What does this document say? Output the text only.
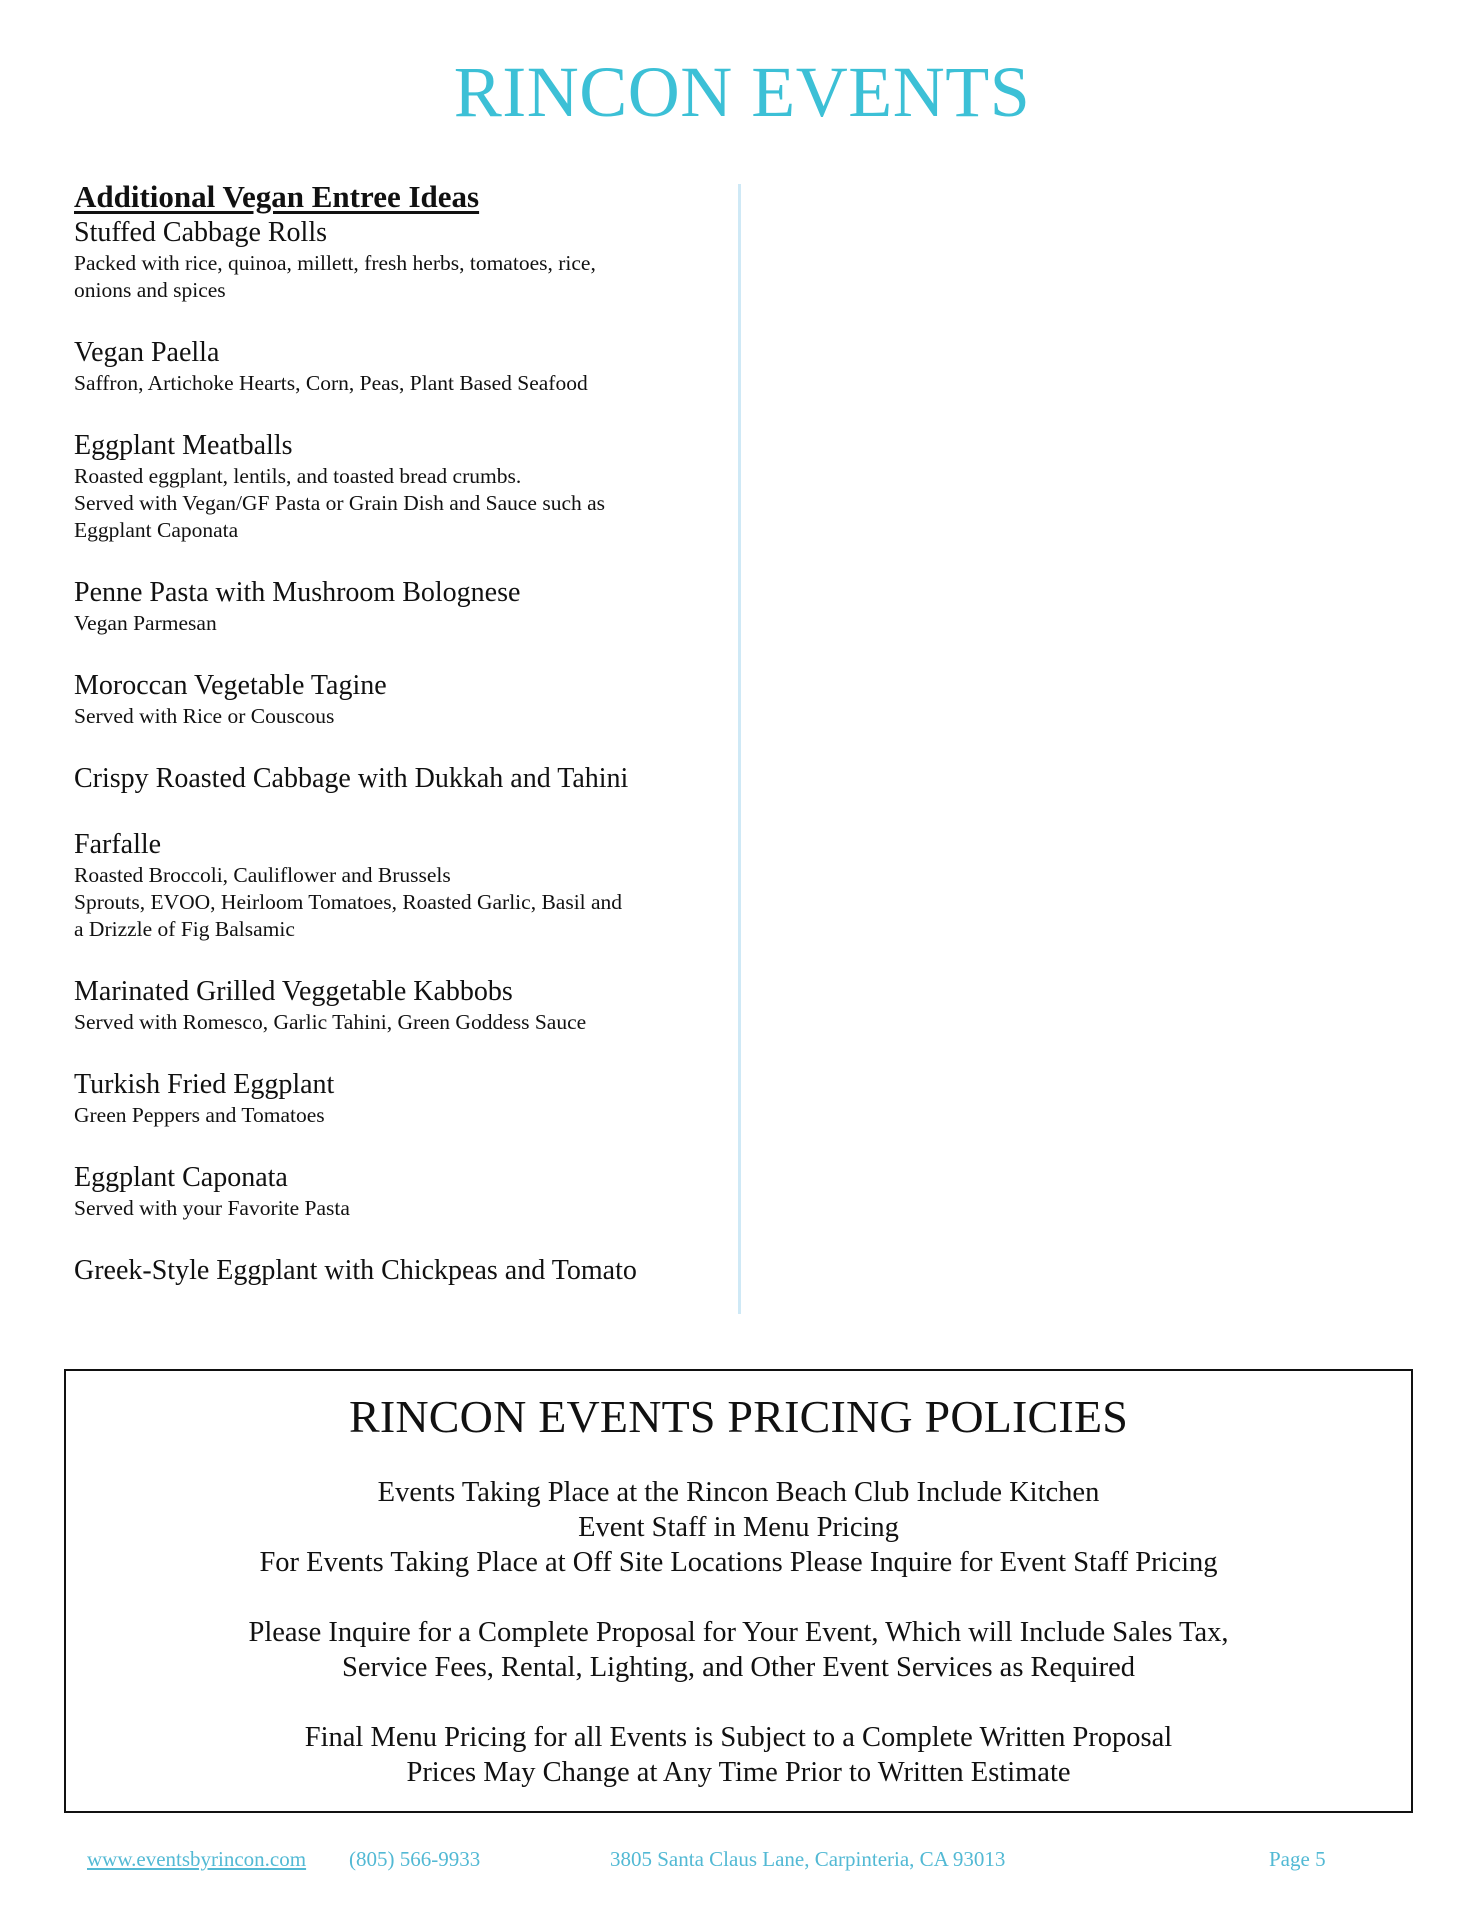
RINCON EVENTS
Additional Vegan Entree Ideas
Stuffed Cabbage Rolls
Packed with rice, quinoa, millett, fresh herbs, tomatoes, rice,
onions and spices
Vegan Paella
Saffron, Artichoke Hearts, Corn, Peas, Plant Based Seafood
Eggplant Meatballs
Roasted eggplant, lentils, and toasted bread crumbs.
Served with Vegan/GF Pasta or Grain Dish and Sauce such as
Eggplant Caponata
Penne Pasta with Mushroom Bolognese
Vegan Parmesan
Moroccan Vegetable Tagine
Served with Rice or Couscous
Crispy Roasted Cabbage with Dukkah and Tahini
Farfalle
Roasted Broccoli, Cauliflower and Brussels
Sprouts, EVOO, Heirloom Tomatoes, Roasted Garlic, Basil and
a Drizzle of Fig Balsamic
Marinated Grilled Veggetable Kabbobs
Served with Romesco, Garlic Tahini, Green Goddess Sauce
Turkish Fried Eggplant
Green Peppers and Tomatoes
Eggplant Caponata
Served with your Favorite Pasta
Greek-Style Eggplant with Chickpeas and Tomato
RINCON EVENTS PRICING POLICIES
Events Taking Place at the Rincon Beach Club Include Kitchen
Event Staff in Menu Pricing
For Events Taking Place at Off Site Locations Please Inquire for Event Staff Pricing
Please Inquire for a Complete Proposal for Your Event, Which will Include Sales Tax,
Service Fees, Rental, Lighting, and Other Event Services as Required
Final Menu Pricing for all Events is Subject to a Complete Written Proposal
Prices May Change at Any Time Prior to Written Estimate
www.eventsbyrincon.com (805) 566-9933	3805 Santa Claus Lane, Carpinteria, CA 93013	Page 5
